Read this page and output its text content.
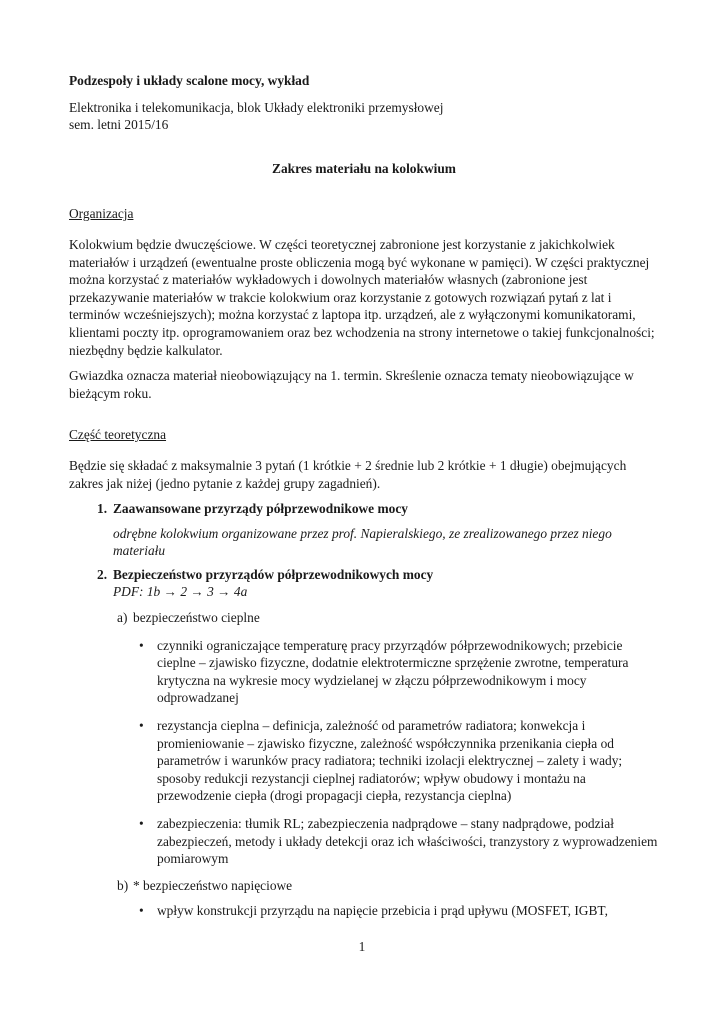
Podzespoły i układy scalone mocy, wykład

Elektronika i telekomunikacja, blok Układy elektroniki przemysłowej

sem. letni 2015/16

Zakres materiału na kolokwium

Organizacja

Kolokwium będzie dwuczęściowe. W części teoretycznej zabronione jest korzystanie z jakichkolwiek materiałów i urządzeń (ewentualne proste obliczenia mogą być wykonane w pamięci). W części praktycznej można korzystać z materiałów wykładowych i dowolnych materiałów własnych (zabronione jest przekazywanie materiałów w trakcie kolokwium oraz korzystanie z gotowych rozwiązań pytań z lat i terminów wcześniejszych); można korzystać z laptopa itp. urządzeń, ale z wyłączonymi komunikatorami, klientami poczty itp. oprogramowaniem oraz bez wchodzenia na strony internetowe o takiej funkcjonalności; niezbędny będzie kalkulator.

Gwiazdka oznacza materiał nieobowiązujący na 1. termin. Skreślenie oznacza tematy nieobowiązujące w bieżącym roku.

Część teoretyczna

Będzie się składać z maksymalnie 3 pytań (1 krótkie + 2 średnie lub 2 krótkie + 1 długie) obejmujących zakres jak niżej (jedno pytanie z każdej grupy zagadnień).

1. Zaawansowane przyrządy półprzewodnikowe mocy
odrębne kolokwium organizowane przez prof. Napieralskiego, ze zrealizowanego przez niego materiału
2. Bezpieczeństwo przyrządów półprzewodnikowych mocy
PDF: 1b → 2 → 3 → 4a
a) bezpieczeństwo cieplne
• czynniki ograniczające temperaturę pracy przyrządów półprzewodnikowych; przebicie cieplne – zjawisko fizyczne, dodatnie elektrotermiczne sprzężenie zwrotne, temperatura krytyczna na wykresie mocy wydzielanej w złączu półprzewodnikowym i mocy odprowadzanej
• rezystancja cieplna – definicja, zależność od parametrów radiatora; konwekcja i promieniowanie – zjawisko fizyczne, zależność współczynnika przenikania ciepła od parametrów i warunków pracy radiatora; techniki izolacji elektrycznej – zalety i wady; sposoby redukcji rezystancji cieplnej radiatorów; wpływ obudowy i montażu na przewodzenie ciepła (drogi propagacji ciepła, rezystancja cieplna)
• zabezpieczenia: tłumik RL; zabezpieczenia nadprądowe – stany nadprądowe, podział zabezpieczeń, metody i układy detekcji oraz ich właściwości, tranzystory z wyprowadzeniem pomiarowym
b) * bezpieczeństwo napięciowe
• wpływ konstrukcji przyrządu na napięcie przebicia i prąd upływu (MOSFET, IGBT,
1
